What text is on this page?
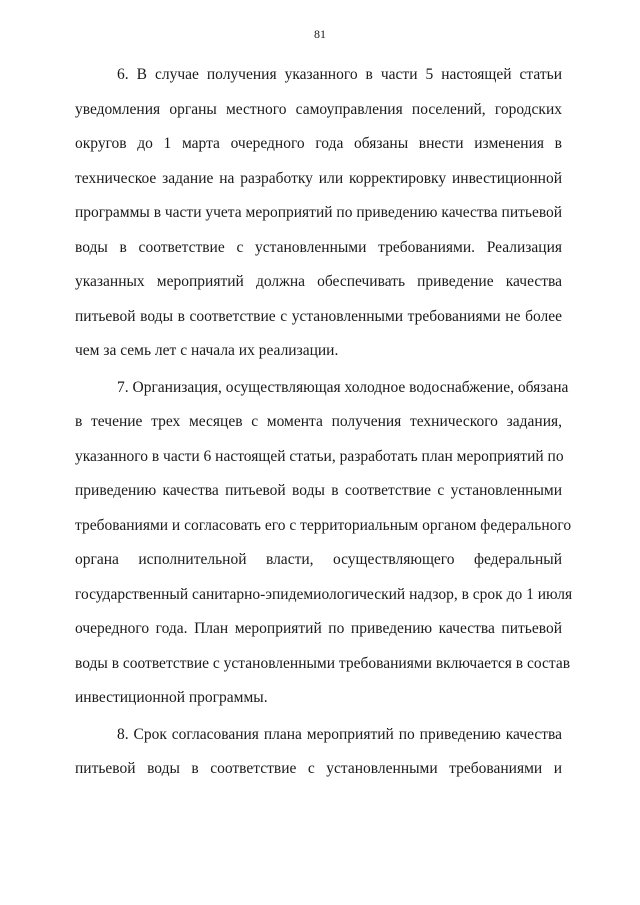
81
6. В случае получения указанного в части 5 настоящей статьи
уведомления органы местного самоуправления поселений, городских
округов до 1 марта очередного года обязаны внести изменения в
техническое задание на разработку или корректировку инвестиционной
программы в части учета мероприятий по приведению качества питьевой
воды в соответствие с установленными требованиями. Реализация
указанных мероприятий должна обеспечивать приведение качества
питьевой воды в соответствие с установленными требованиями не более
чем за семь лет с начала их реализации.
7. Организация, осуществляющая холодное водоснабжение, обязана
в течение трех месяцев с момента получения технического задания,
указанного в части 6 настоящей статьи, разработать план мероприятий по
приведению качества питьевой воды в соответствие с установленными
требованиями и согласовать его с территориальным органом федерального
органа исполнительной власти, осуществляющего федеральный
государственный санитарно-эпидемиологический надзор, в срок до 1 июля
очередного года. План мероприятий по приведению качества питьевой
воды в соответствие с установленными требованиями включается в состав
инвестиционной программы.
8. Срок согласования плана мероприятий по приведению качества
питьевой воды в соответствие с установленными требованиями и
